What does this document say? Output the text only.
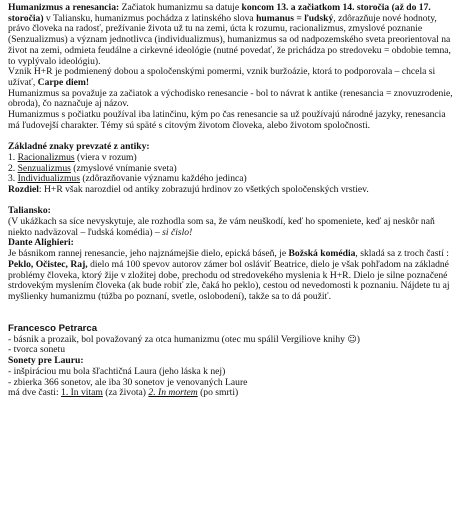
Humanizmus a renesancia: Začiatok humanizmu sa datuje koncom 13. a začiatkom 14. storočia (až do 17. storočia) v Taliansku, humanizmus pochádza z latinského slova humanus = ľudský, zdôrazňuje nové hodnoty, právo človeka na radosť, prežívanie života už tu na zemi, úcta k rozumu, racionalizmus, zmyslové poznanie (Senzualizmus) a význam jednotlivca (individualizmus), humanizmus sa od nadpozemského sveta preorientoval na život na zemi, odmieta feudálne a cirkevné ideológie (nutné povedať, že prichádza po stredoveku = obdobie temna, to vyplývalo ideológiu).

Vznik H+R je podmienený dobou a spoločenskými pomermi, vznik buržoázie, ktorá to podporovala – chcela si užívať, Carpe diem!

Humanizmus sa považuje za začiatok a východisko renesancie - bol to návrat k antike (renesancia = znovuzrodenie, obroda), čo naznačuje aj názov.

Humanizmus s počiatku používal iba latinčinu, kým po čas renesancie sa už používajú národné jazyky, renesancia má ľudovejší charakter. Témy sú späté s citovým životom človeka, alebo životom spoločnosti.

Základné znaky prevzaté z antiky:

1. Racionalizmus (viera v rozum)

2. Senzualizmus (zmyslové vnímanie sveta)

3. Individualizmus (zdôrazňovanie významu každého jedinca)

Rozdiel: H+R však narozdiel od antiky zobrazujú hrdinov zo všetkých spoločenských vrstiev.

Taliansko:

(V ukážkach sa síce nevyskytuje, ale rozhodla som sa, že vám neuškodí, keď ho spomeniete, keď aj neskôr naň niekto nadväzoval – ľudská komédia) – si čislo!

Dante Alighieri:

Je básnikom rannej renesancie, jeho najznámejšie dielo, epická báseň, je Božská komédia, skladá sa z troch častí : Peklo, Očistec, Raj, dielo má 100 spevov autorov zámer bol osláviť Beatrice, dielo je však pohľadom na základné problémy človeka, ktorý žije v zložitej dobe, prechodu od stredovekého myslenia k H+R. Dielo je silne poznačené strdovekým myslením človeka (ak bude robiť zle, čaká ho peklo), cestou od nevedomosti k poznaniu. Nájdete tu aj myšlienky humanizmu (túžba po poznaní, svetle, oslobodení), takže sa to dá použiť.

Francesco Petrarca

- básnik a prozaik, bol považovaný za otca humanizmu (otec mu spálil Vergiliove knihy ☺)

- tvorca sonetu

Sonety pre Lauru:

- inšpiráciou mu bola šľachtičná Laura (jeho láska k nej)

- zbierka 366 sonetov, ale iba 30 sonetov je venovaných Laure

má dve časti: 1. In vitam (za života) 2. In mortem (po smrti)
